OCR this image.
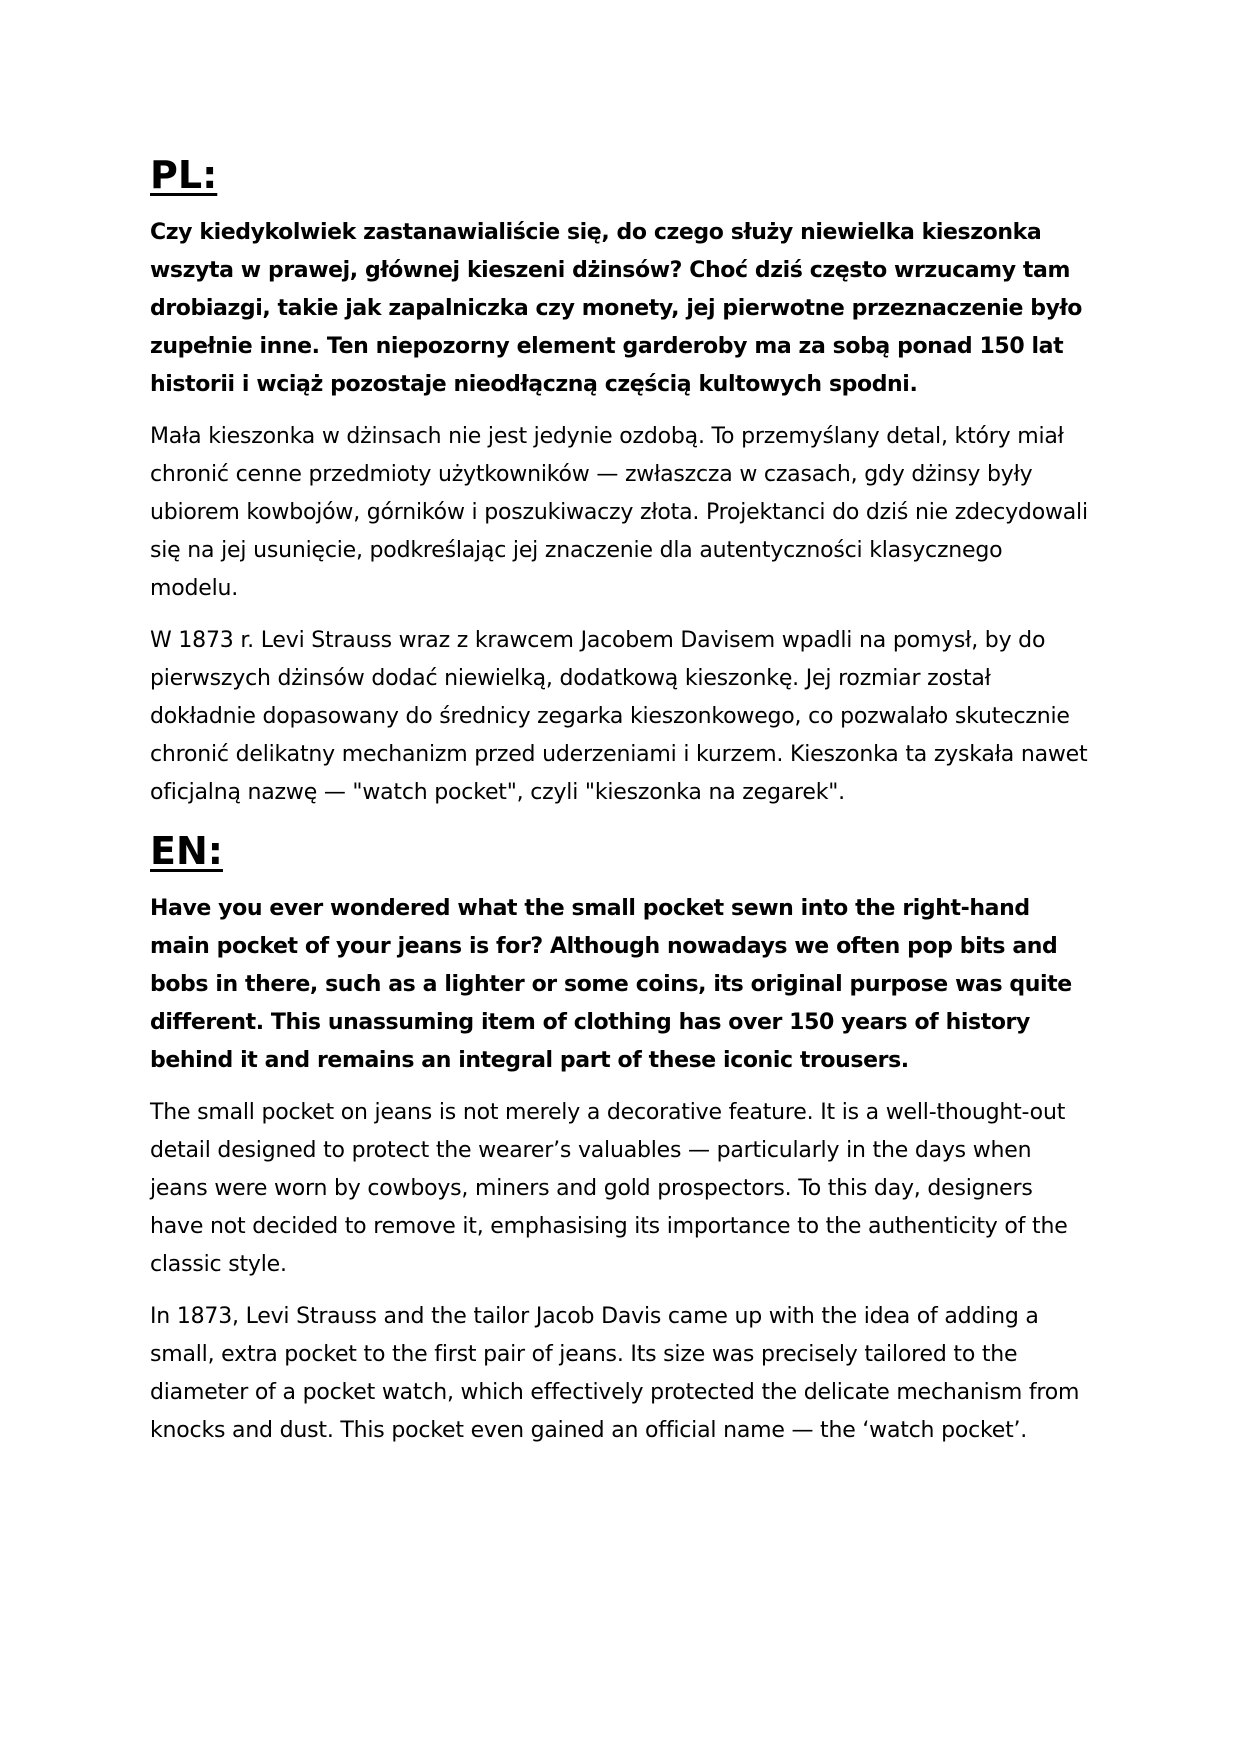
PL:

Czy kiedykolwiek zastanawialiście się, do czego służy niewielka kieszonka wszyta w prawej, głównej kieszeni dżinsów? Choć dziś często wrzucamy tam drobiazgi, takie jak zapalniczka czy monety, jej pierwotne przeznaczenie było zupełnie inne. Ten niepozorny element garderoby ma za sobą ponad 150 lat historii i wciąż pozostaje nieodłączną częścią kultowych spodni.

Mała kieszonka w dżinsach nie jest jedynie ozdobą. To przemyślany detal, który miał chronić cenne przedmioty użytkowników — zwłaszcza w czasach, gdy dżinsy były ubiorem kowbojów, górników i poszukiwaczy złota. Projektanci do dziś nie zdecydowali się na jej usunięcie, podkreślając jej znaczenie dla autentyczności klasycznego modelu.

W 1873 r. Levi Strauss wraz z krawcem Jacobem Davisem wpadli na pomysł, by do pierwszych dżinsów dodać niewielką, dodatkową kieszonkę. Jej rozmiar został dokładnie dopasowany do średnicy zegarka kieszonkowego, co pozwalało skutecznie chronić delikatny mechanizm przed uderzeniami i kurzem. Kieszonka ta zyskała nawet oficjalną nazwę — "watch pocket", czyli "kieszonka na zegarek".

EN:

Have you ever wondered what the small pocket sewn into the right-hand main pocket of your jeans is for? Although nowadays we often pop bits and bobs in there, such as a lighter or some coins, its original purpose was quite different. This unassuming item of clothing has over 150 years of history behind it and remains an integral part of these iconic trousers.

The small pocket on jeans is not merely a decorative feature. It is a well-thought-out detail designed to protect the wearer’s valuables — particularly in the days when jeans were worn by cowboys, miners and gold prospectors. To this day, designers have not decided to remove it, emphasising its importance to the authenticity of the classic style.

In 1873, Levi Strauss and the tailor Jacob Davis came up with the idea of adding a small, extra pocket to the first pair of jeans. Its size was precisely tailored to the diameter of a pocket watch, which effectively protected the delicate mechanism from knocks and dust. This pocket even gained an official name — the ‘watch pocket’.
